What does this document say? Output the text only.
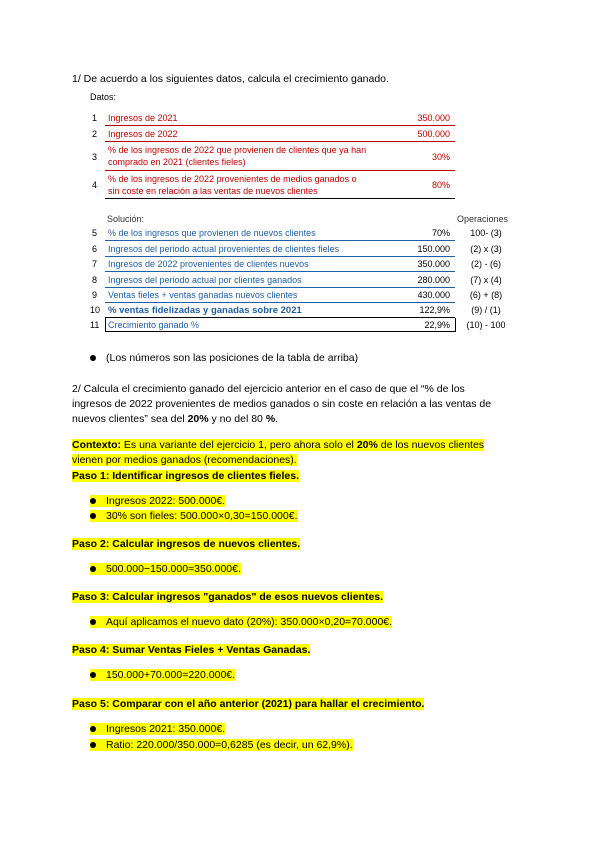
1/ De acuerdo a los siguientes datos, calcula el crecimiento ganado.
Datos:
1 Ingresos de 2021	350.000
2 Ingresos de 2022	500.000
3
% de los ingresos de 2022 que provienen de clientes que ya han
comprado en 2021 (clientes fieles)	30%
4
% de los ingresos de 2022 provenientes de medios ganados o
sin coste en relación a las ventas de nuevos clientes
80%
Solución:	Operaciones
5 % de los ingresos que provienen de nuevos clientes	70%	100- (3)
6 Ingresos del periodo actual provenientes de clientes fieles	150.000	(2) x (3)
7 Ingresos de 2022 provenientes de clientes nuevos	350.000	(2) - (6)
8 Ingresos del periodo actual por clientes ganados	280.000	(7) x (4)
9 Ventas fieles + ventas ganadas nuevos clientes	430.000	(6) + (8)
10 % ventas fidelizadas y ganadas sobre 2021	122,9%	(9) / (1)
11 Crecimiento ganado %	22,9%	(10) - 100
(Los números son las posiciones de la tabla de arriba)
2/ Calcula el crecimiento ganado del ejercicio anterior en el caso de que el “% de los
ingresos de 2022 provenientes de medios ganados o sin coste en relación a las ventas de
nuevos clientes” sea del 20% y no del 80 %.
Contexto: Es una variante del ejercicio 1, pero ahora solo el 20% de los nuevos clientes
vienen por medios ganados (recomendaciones).
Paso 1: Identificar ingresos de clientes fieles.
Ingresos 2022: 500.000€.
30% son fieles: 500.000×0,30=150.000€.
Paso 2: Calcular ingresos de nuevos clientes.
500.000−150.000=350.000€.
Paso 3: Calcular ingresos "ganados" de esos nuevos clientes.
Aquí aplicamos el nuevo dato (20%): 350.000×0,20=70.000€.
Paso 4: Sumar Ventas Fieles + Ventas Ganadas.
150.000+70.000=220.000€.
Paso 5: Comparar con el año anterior (2021) para hallar el crecimiento.
Ingresos 2021: 350.000€.
Ratio: 220.000/350.000=0,6285 (es decir, un 62,9%).
